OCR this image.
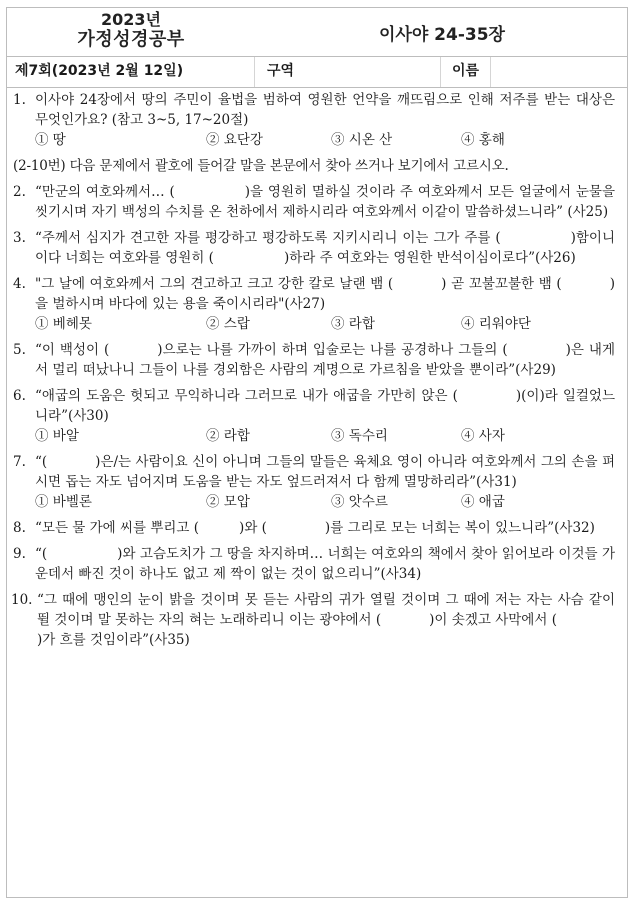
2023년
가정성경공부	이사야 24-35장
제7회(2023년 2월 12일)	구역	이름
1. 이사야 24장에서 땅의 주민이 율법을 범하여 영원한 언약을 깨뜨림으로 인해 저주를 받는 대상은 무엇인가요? (참고 3~5, 17~20절)
① 땅	② 요단강	③ 시온 산	④ 홍해
(2-10번) 다음 문제에서 괄호에 들어갈 말을 본문에서 찾아 쓰거나 보기에서 고르시오.
2. “만군의 여호와께서… (	)을 영원히 멸하실 것이라 주 여호와께서 모든 얼굴에서 눈물을 씻기시며 자기 백성의 수치를 온 천하에서 제하시리라 여호와께서 이같이 말씀하셨느니라” (사25)
3. “주께서 심지가 견고한 자를 평강하고 평강하도록 지키시리니 이는 그가 주를 (	)함이니이다 너희는 여호와를 영원히 (	)하라 주 여호와는 영원한 반석이심이로다”(사26)
4. "그 날에 여호와께서 그의 견고하고 크고 강한 칼로 날랜 뱀 (	) 곧 꼬불꼬불한 뱀 (	)을 벌하시며 바다에 있는 용을 죽이시리라"(사27)
① 베헤못	② 스랍	③ 라합	④ 리워야단
5. “이 백성이 (	)으로는 나를 가까이 하며 입술로는 나를 공경하나 그들의 (	)은 내게서 멀리 떠났나니 그들이 나를 경외함은 사람의 계명으로 가르침을 받았을 뿐이라”(사29)
6. “애굽의 도움은 헛되고 무익하니라 그러므로 내가 애굽을 가만히 앉은 (	)(이)라 일컬었느니라”(사30)
① 바알	② 라합	③ 독수리	④ 사자
7. “(	)은/는 사람이요 신이 아니며 그들의 말들은 육체요 영이 아니라 여호와께서 그의 손을 펴시면 돕는 자도 넘어지며 도움을 받는 자도 엎드러져서 다 함께 멸망하리라”(사31)
① 바벨론	② 모압	③ 앗수르	④ 애굽
8. “모든 물 가에 씨를 뿌리고 (	)와 (	)를 그리로 모는 너희는 복이 있느니라”(사32)
9. “(	)와 고슴도치가 그 땅을 차지하며… 너희는 여호와의 책에서 찾아 읽어보라 이것들 가운데서 빠진 것이 하나도 없고 제 짝이 없는 것이 없으리니”(사34)
10. “그 때에 맹인의 눈이 밝을 것이며 못 듣는 사람의 귀가 열릴 것이며 그 때에 저는 자는 사슴 같이 뛸 것이며 말 못하는 자의 혀는 노래하리니 이는 광야에서 (	)이 솟겠고 사막에서 ()가 흐를 것임이라”(사35)
